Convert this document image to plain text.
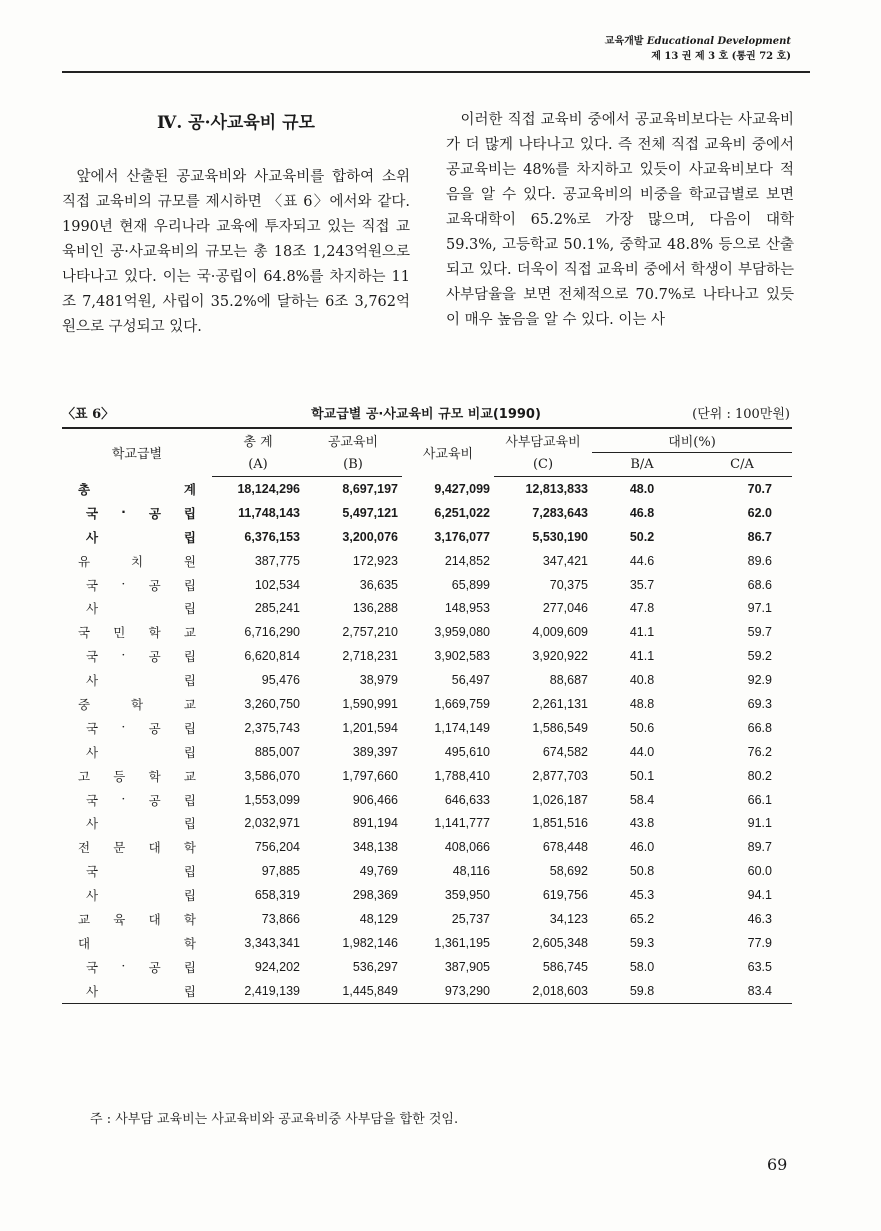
교육개발 Educational Development
제 13 권 제 3 호 (통권 72 호)
Ⅳ. 공·사교육비 규모

앞에서 산출된 공교육비와 사교육비를 합하여 소위 직접 교육비의 규모를 제시하면 〈표 6〉에서와 같다. 1990년 현재 우리나라 교육에 투자되고 있는 직접 교육비인 공·사교육비의 규모는 총 18조 1,243억원으로 나타나고 있다. 이는 국·공립이 64.8%를 차지하는 11조 7,481억원, 사립이 35.2%에 달하는 6조 3,762억원으로 구성되고 있다.

이러한 직접 교육비 중에서 공교육비보다는 사교육비가 더 많게 나타나고 있다. 즉 전체 직접 교육비 중에서 공교육비는 48%를 차지하고 있듯이 사교육비보다 적음을 알 수 있다. 공교육비의 비중을 학교급별로 보면 교육대학이 65.2%로 가장 많으며, 다음이 대학 59.3%, 고등학교 50.1%, 중학교 48.8% 등으로 산출되고 있다. 더욱이 직접 교육비 중에서 학생이 부담하는 사부담율을 보면 전체적으로 70.7%로 나타나고 있듯이 매우 높음을 알 수 있다. 이는 사

학교급별 공·사교육비 규모 비교(1990)
〈표 6〉	(단위 : 100만원)
학교급별	총 계	공교육비	사교육비	사부담교육비	대비(%)	
	(A)	(B)		(C)	B/A	C/A

총 계	18,124,296	8,697,197	9,427,099	12,813,833	48.0	70.7

국 · 공 립	11,748,143	5,497,121	6,251,022	7,283,643	46.8	62.0

사 립	6,376,153	3,200,076	3,176,077	5,530,190	50.2	86.7

유 치 원	387,775	172,923	214,852	347,421	44.6	89.6

국 · 공 립	102,534	36,635	65,899	70,375	35.7	68.6

사 립	285,241	136,288	148,953	277,046	47.8	97.1

국 민 학 교	6,716,290	2,757,210	3,959,080	4,009,609	41.1	59.7

국 · 공 립	6,620,814	2,718,231	3,902,583	3,920,922	41.1	59.2

사 립	95,476	38,979	56,497	88,687	40.8	92.9

중 학 교	3,260,750	1,590,991	1,669,759	2,261,131	48.8	69.3

국 · 공 립	2,375,743	1,201,594	1,174,149	1,586,549	50.6	66.8

사 립	885,007	389,397	495,610	674,582	44.0	76.2

고 등 학 교	3,586,070	1,797,660	1,788,410	2,877,703	50.1	80.2

국 · 공 립	1,553,099	906,466	646,633	1,026,187	58.4	66.1

사 립	2,032,971	891,194	1,141,777	1,851,516	43.8	91.1

전 문 대 학	756,204	348,138	408,066	678,448	46.0	89.7

국 립	97,885	49,769	48,116	58,692	50.8	60.0

사 립	658,319	298,369	359,950	619,756	45.3	94.1

교 육 대 학	73,866	48,129	25,737	34,123	65.2	46.3

대 학	3,343,341	1,982,146	1,361,195	2,605,348	59.3	77.9

국 · 공 립	924,202	536,297	387,905	586,745	58.0	63.5

사 립	2,419,139	1,445,849	973,290	2,018,603	59.8	83.4
주 : 사부담 교육비는 사교육비와 공교육비중 사부담을 합한 것임.
69
